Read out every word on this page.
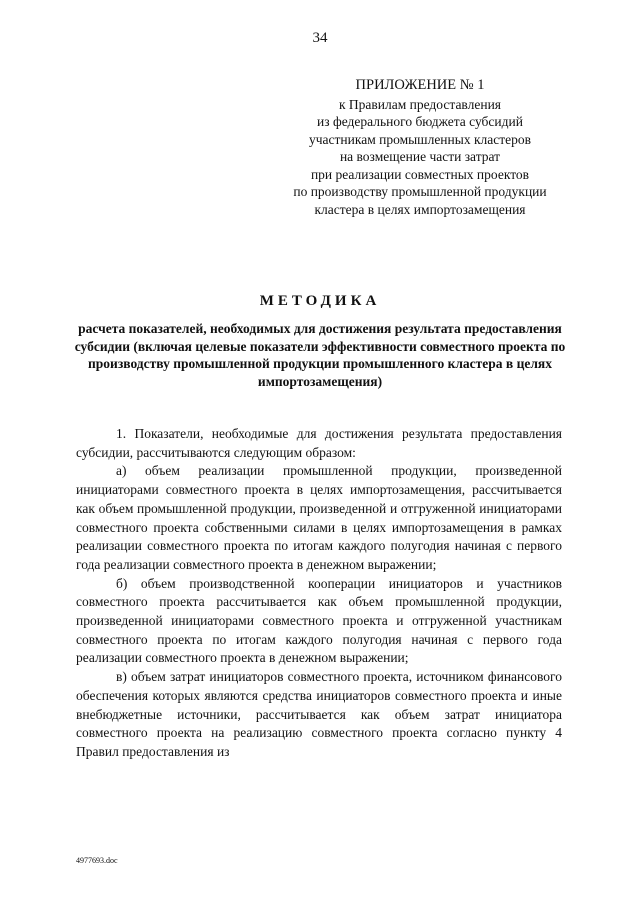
34
ПРИЛОЖЕНИЕ № 1
к Правилам предоставления
из федерального бюджета субсидий
участникам промышленных кластеров
на возмещение части затрат
при реализации совместных проектов
по производству промышленной продукции
кластера в целях импортозамещения
МЕТОДИКА
расчета показателей, необходимых для достижения результата предоставления субсидии (включая целевые показатели эффективности совместного проекта по производству промышленной продукции промышленного кластера в целях импортозамещения)

1. Показатели, необходимые для достижения результата предоставления субсидии, рассчитываются следующим образом:

а) объем реализации промышленной продукции, произведенной инициаторами совместного проекта в целях импортозамещения, рассчитывается как объем промышленной продукции, произведенной и отгруженной инициаторами совместного проекта собственными силами в целях импортозамещения в рамках реализации совместного проекта по итогам каждого полугодия начиная с первого года реализации совместного проекта в денежном выражении;

б) объем производственной кооперации инициаторов и участников совместного проекта рассчитывается как объем промышленной продукции, произведенной инициаторами совместного проекта и отгруженной участникам совместного проекта по итогам каждого полугодия начиная с первого года реализации совместного проекта в денежном выражении;

в) объем затрат инициаторов совместного проекта, источником финансового обеспечения которых являются средства инициаторов совместного проекта и иные внебюджетные источники, рассчитывается как объем затрат инициатора совместного проекта на реализацию совместного проекта согласно пункту 4 Правил предоставления из

4977693.doc
